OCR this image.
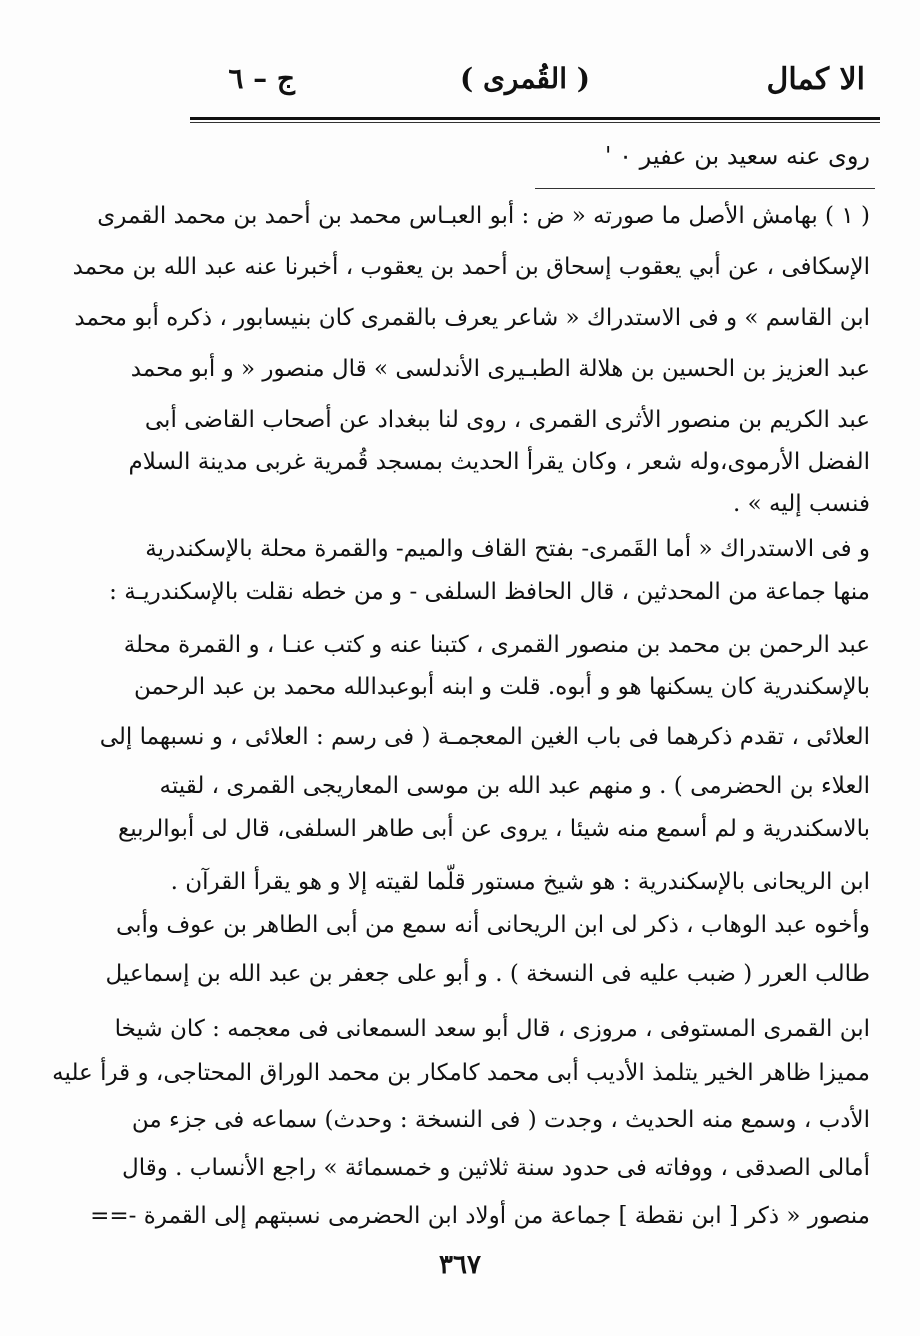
الا كمال
( القُمرى )
ج – ٦
روى عنه سعيد بن عفير ٠ '
( ١ ) بهامش الأصل ما صورته « ض : أبو العبـاس محمد بن أحمد بن محمد القمرى
الإسكافى ، عن أبي يعقوب إسحاق بن أحمد بن يعقوب ، أخبرنا عنه عبد الله بن محمد
ابن القاسم » و فى الاستدراك « شاعر يعرف بالقمرى كان بنيسابور ، ذكره أبو محمد
عبد العزيز بن الحسين بن هلالة الطبـيرى الأندلسى » قال منصور « و أبو محمد
عبد الكريم بن منصور الأثرى القمرى ، روى لنا ببغداد عن أصحاب القاضى أبى
الفضل الأرموى،وله شعر ، وكان يقرأ الحديث بمسجد قُمرية غربى مدينة السلام
فنسب إليه » .
و فى الاستدراك « أما القَمرى- بفتح القاف والميم- والقمرة محلة بالإسكندرية
منها جماعة من المحدثين ، قال الحافظ السلفى - و من خطه نقلت بالإسكندريـة :
عبد الرحمن بن محمد بن منصور القمرى ، كتبنا عنه و كتب عنـا ، و القمرة محلة
بالإسكندرية كان يسكنها هو و أبوه. قلت و ابنه أبوعبدالله محمد بن عبد الرحمن
العلائى ، تقدم ذكرهما فى باب الغين المعجمـة ( فى رسم : العلائى ، و نسبهما إلى
العلاء بن الحضرمى ) . و منهم عبد الله بن موسى المعاريجى القمرى ، لقيته
بالاسكندرية و لم أسمع منه شيئا ، يروى عن أبى طاهر السلفى، قال لى أبوالربيع
ابن الريحانى بالإسكندرية : هو شيخ مستور قلّما لقيته إلا و هو يقرأ القرآن .
وأخوه عبد الوهاب ، ذكر لى ابن الريحانى أنه سمع من أبى الطاهر بن عوف وأبى
طالب العرر ( ضبب عليه فى النسخة ) . و أبو على جعفر بن عبد الله بن إسماعيل
ابن القمرى المستوفى ، مروزى ، قال أبو سعد السمعانى فى معجمه : كان شيخا
مميزا ظاهر الخير يتلمذ الأديب أبى محمد كامكار بن محمد الوراق المحتاجى، و قرأ عليه
الأدب ، وسمع منه الحديث ، وجدت ( فى النسخة : وحدث) سماعه فى جزء من
أمالى الصدقى ، ووفاته فى حدود سنة ثلاثين و خمسمائة » راجع الأنساب . وقال
منصور « ذكر [ ابن نقطة ] جماعة من أولاد ابن الحضرمى نسبتهم إلى القمرة -==
٣٦٧
